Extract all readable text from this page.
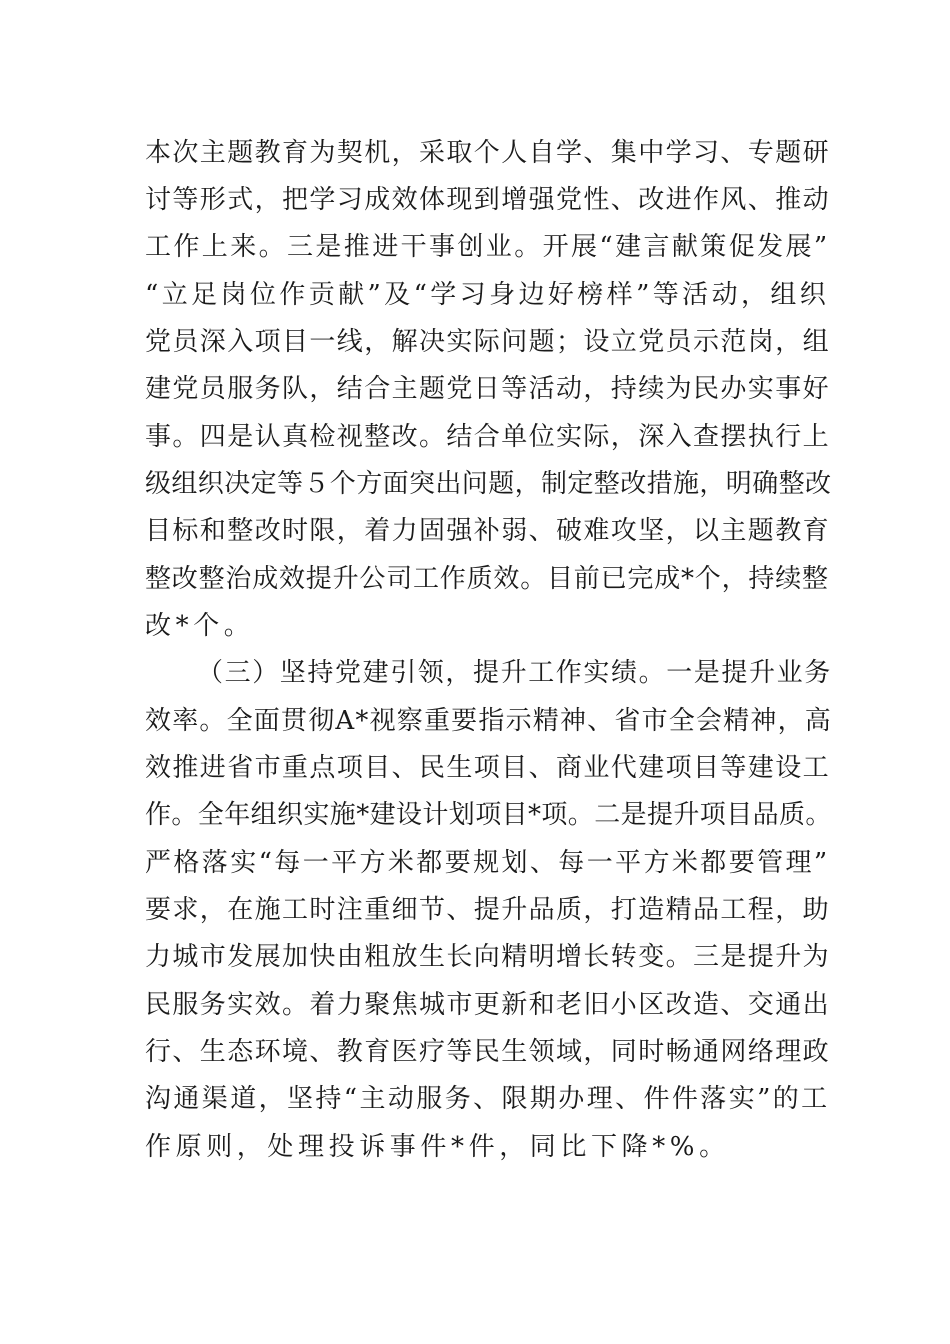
本次主题教育为契机，采取个人自学、集中学习、专题研

讨等形式，把学习成效体现到增强党性、改进作风、推动

工作上来。三是推进干事创业。开展“建言献策促发展”

“立足岗位作贡献”及“学习身边好榜样”等活动，组织

党员深入项目一线，解决实际问题；设立党员示范岗，组

建党员服务队，结合主题党日等活动，持续为民办实事好

事。四是认真检视整改。结合单位实际，深入查摆执行上

级组织决定等５个方面突出问题，制定整改措施，明确整改

目标和整改时限，着力固强补弱、破难攻坚，以主题教育

整改整治成效提升公司工作质效。目前已完成*个，持续整

改*个。

（三）坚持党建引领，提升工作实绩。一是提升业务

效率。全面贯彻A*视察重要指示精神、省市全会精神，高

效推进省市重点项目、民生项目、商业代建项目等建设工

作。全年组织实施*建设计划项目*项。二是提升项目品质。

严格落实“每一平方米都要规划、每一平方米都要管理”

要求，在施工时注重细节、提升品质，打造精品工程，助

力城市发展加快由粗放生长向精明增长转变。三是提升为

民服务实效。着力聚焦城市更新和老旧小区改造、交通出

行、生态环境、教育医疗等民生领域，同时畅通网络理政

沟通渠道，坚持“主动服务、限期办理、件件落实”的工

作原则，处理投诉事件*件，同比下降*%。
